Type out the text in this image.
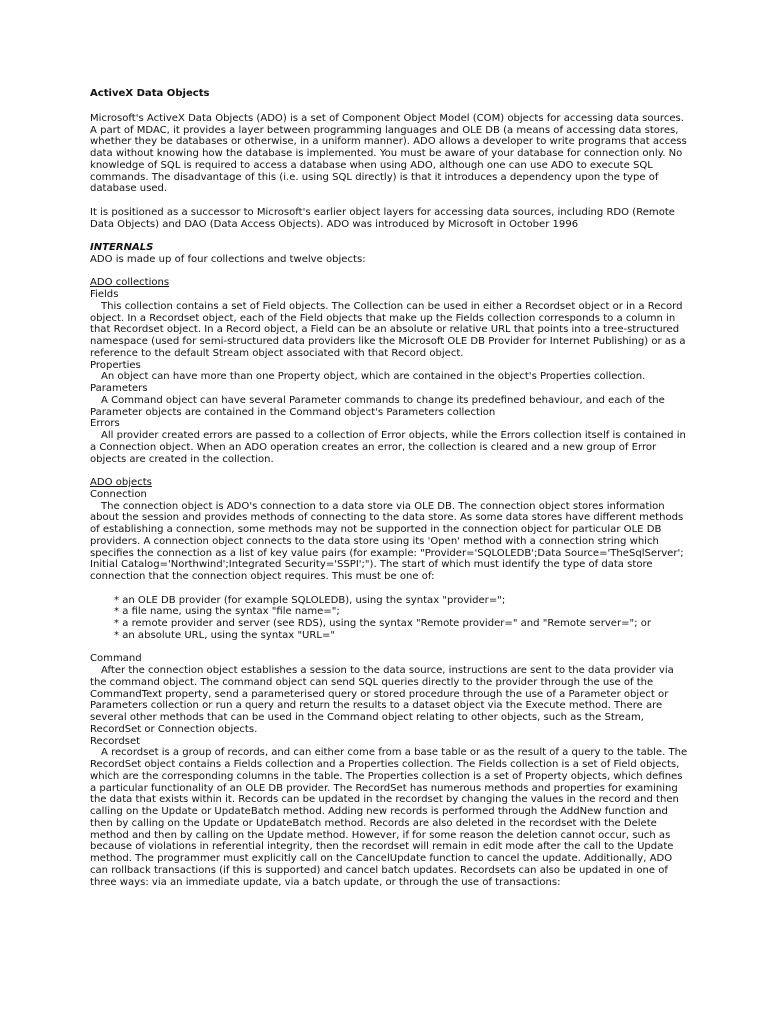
ActiveX Data Objects

Microsoft's ActiveX Data Objects (ADO) is a set of Component Object Model (COM) objects for accessing data sources. A part of MDAC, it provides a layer between programming languages and OLE DB (a means of accessing data stores, whether they be databases or otherwise, in a uniform manner). ADO allows a developer to write programs that access data without knowing how the database is implemented. You must be aware of your database for connection only. No knowledge of SQL is required to access a database when using ADO, although one can use ADO to execute SQL commands. The disadvantage of this (i.e. using SQL directly) is that it introduces a dependency upon the type of database used.

It is positioned as a successor to Microsoft's earlier object layers for accessing data sources, including RDO (Remote Data Objects) and DAO (Data Access Objects). ADO was introduced by Microsoft in October 1996

INTERNALS

ADO is made up of four collections and twelve objects:

ADO collections

Fields

This collection contains a set of Field objects. The Collection can be used in either a Recordset object or in a Record object. In a Recordset object, each of the Field objects that make up the Fields collection corresponds to a column in that Recordset object. In a Record object, a Field can be an absolute or relative URL that points into a tree-structured namespace (used for semi-structured data providers like the Microsoft OLE DB Provider for Internet Publishing) or as a reference to the default Stream object associated with that Record object.

Properties

An object can have more than one Property object, which are contained in the object's Properties collection.

Parameters

A Command object can have several Parameter commands to change its predefined behaviour, and each of the Parameter objects are contained in the Command object's Parameters collection

Errors

All provider created errors are passed to a collection of Error objects, while the Errors collection itself is contained in a Connection object. When an ADO operation creates an error, the collection is cleared and a new group of Error objects are created in the collection.

ADO objects

Connection

The connection object is ADO's connection to a data store via OLE DB. The connection object stores information about the session and provides methods of connecting to the data store. As some data stores have different methods of establishing a connection, some methods may not be supported in the connection object for particular OLE DB providers. A connection object connects to the data store using its 'Open' method with a connection string which specifies the connection as a list of key value pairs (for example: "Provider='SQLOLEDB';Data Source='TheSqlServer'; Initial Catalog='Northwind';Integrated Security='SSPI';"). The start of which must identify the type of data store connection that the connection object requires. This must be one of:

* an OLE DB provider (for example SQLOLEDB), using the syntax "provider=";
* a file name, using the syntax "file name=";
* a remote provider and server (see RDS), using the syntax "Remote provider=" and "Remote server="; or
* an absolute URL, using the syntax "URL="

Command

After the connection object establishes a session to the data source, instructions are sent to the data provider via the command object. The command object can send SQL queries directly to the provider through the use of the CommandText property, send a parameterised query or stored procedure through the use of a Parameter object or Parameters collection or run a query and return the results to a dataset object via the Execute method. There are several other methods that can be used in the Command object relating to other objects, such as the Stream, RecordSet or Connection objects.

Recordset

A recordset is a group of records, and can either come from a base table or as the result of a query to the table. The RecordSet object contains a Fields collection and a Properties collection. The Fields collection is a set of Field objects, which are the corresponding columns in the table. The Properties collection is a set of Property objects, which defines a particular functionality of an OLE DB provider. The RecordSet has numerous methods and properties for examining the data that exists within it. Records can be updated in the recordset by changing the values in the record and then calling on the Update or UpdateBatch method. Adding new records is performed through the AddNew function and then by calling on the Update or UpdateBatch method. Records are also deleted in the recordset with the Delete method and then by calling on the Update method. However, if for some reason the deletion cannot occur, such as because of violations in referential integrity, then the recordset will remain in edit mode after the call to the Update method. The programmer must explicitly call on the CancelUpdate function to cancel the update. Additionally, ADO can rollback transactions (if this is supported) and cancel batch updates. Recordsets can also be updated in one of three ways: via an immediate update, via a batch update, or through the use of transactions:
